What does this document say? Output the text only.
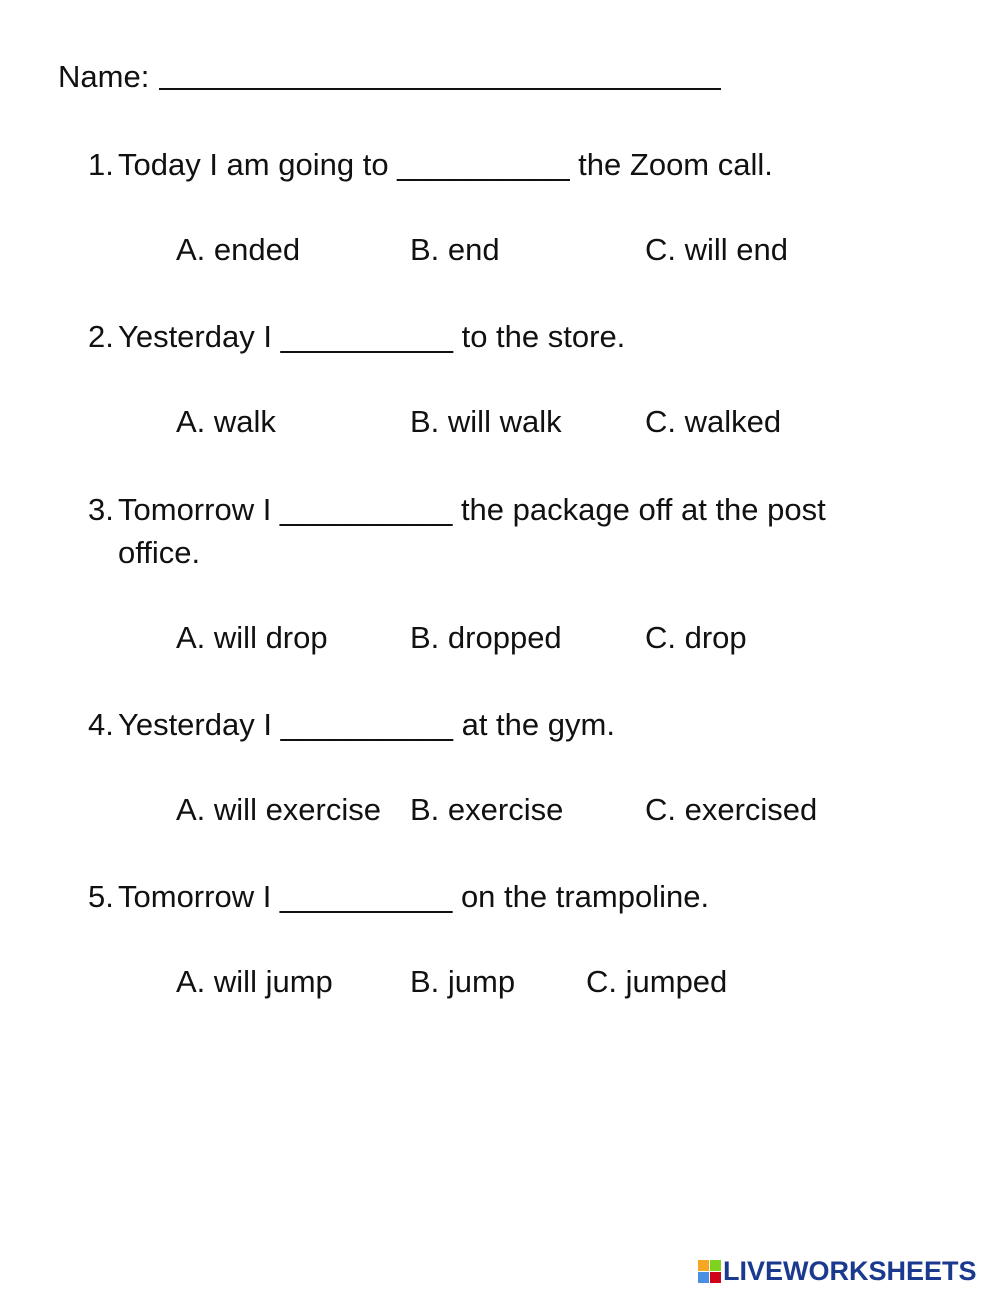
Name:
1. Today I am going to __________ the Zoom call.
A. ended	B. end	C. will end
2. Yesterday I __________ to the store.
A. walk	B. will walk	C. walked
3. Tomorrow I __________ the package off at the post office.
A. will drop	B. dropped	C. drop
4. Yesterday I __________ at the gym.
A. will exercise B. exercise	C. exercised
5. Tomorrow I __________ on the trampoline.
A. will jump B. jump C. jumped
LIVEWORKSHEETS
